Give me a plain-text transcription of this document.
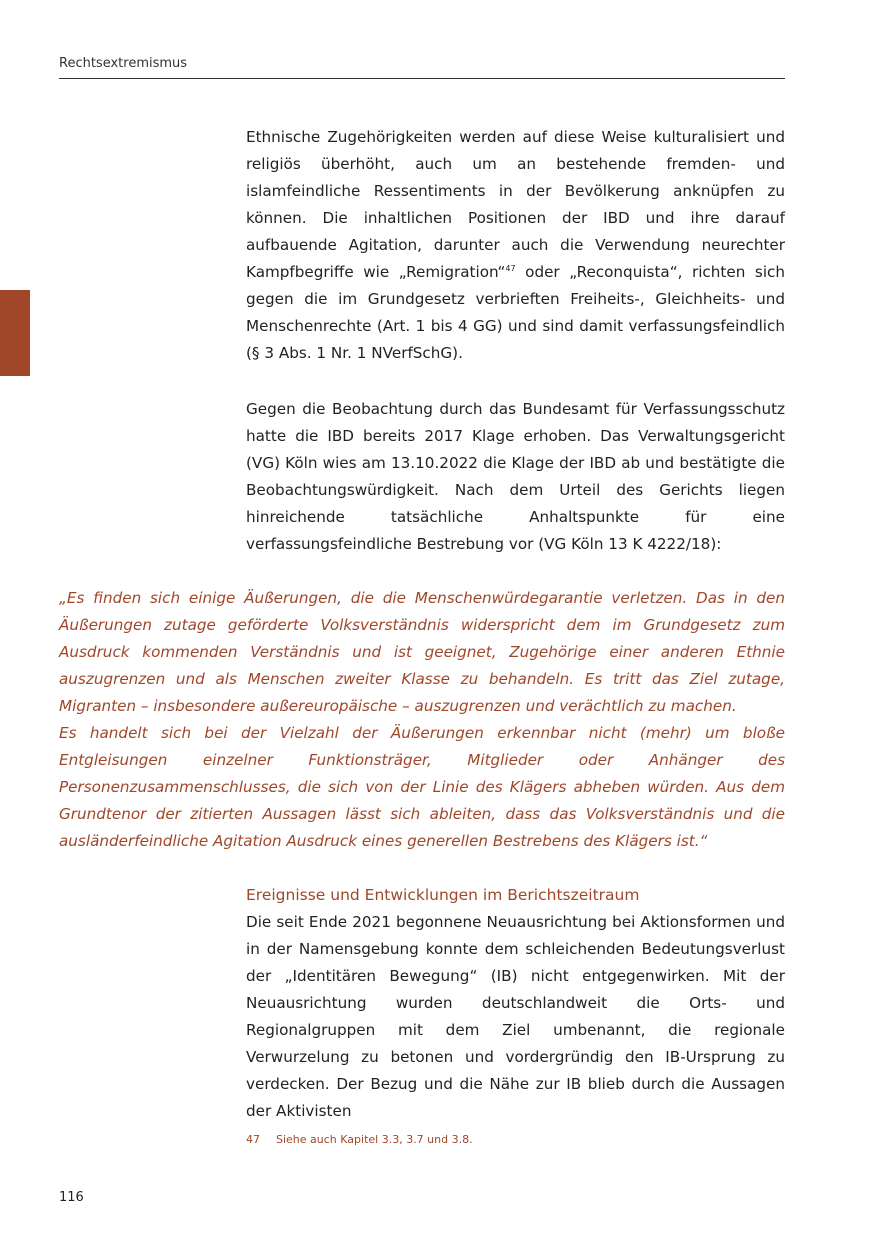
Rechtsextremismus

Ethnische Zugehörigkeiten werden auf diese Weise kulturalisiert und religiös überhöht, auch um an bestehende fremden- und islamfeindliche Ressentiments in der Bevölkerung anknüpfen zu können. Die inhaltlichen Positionen der IBD und ihre darauf aufbauende Agitation, darunter auch die Verwendung neurechter Kampfbegriffe wie „Remigration“$^{47}$ oder „Reconquista“, richten sich gegen die im Grundgesetz verbrieften Freiheits-, Gleichheits- und Menschenrechte (Art. 1 bis 4 GG) und sind damit verfassungsfeindlich (§ 3 Abs. 1 Nr. 1 NVerfSchG).

Gegen die Beobachtung durch das Bundesamt für Verfassungsschutz hatte die IBD bereits 2017 Klage erhoben. Das Verwaltungsgericht (VG) Köln wies am 13.10.2022 die Klage der IBD ab und bestätigte die Beobachtungswürdigkeit. Nach dem Urteil des Gerichts liegen hinreichende tatsächliche Anhaltspunkte für eine verfassungsfeindliche Bestrebung vor (VG Köln 13 K 4222/18):

„Es finden sich einige Äußerungen, die die Menschenwürdegarantie verletzen. Das in den Äußerungen zutage geförderte Volksverständnis widerspricht dem im Grundgesetz zum Ausdruck kommenden Verständnis und ist geeignet, Zugehörige einer anderen Ethnie auszugrenzen und als Menschen zweiter Klasse zu behandeln. Es tritt das Ziel zutage, Migranten – insbesondere außereuropäische – auszugrenzen und verächtlich zu machen.

Es handelt sich bei der Vielzahl der Äußerungen erkennbar nicht (mehr) um bloße Entgleisungen einzelner Funktionsträger, Mitglieder oder Anhänger des Personenzusammenschlusses, die sich von der Linie des Klägers abheben würden. Aus dem Grundtenor der zitierten Aussagen lässt sich ableiten, dass das Volksverständnis und die ausländerfeindliche Agitation Ausdruck eines generellen Bestrebens des Klägers ist.“

Ereignisse und Entwicklungen im Berichtszeitraum

Die seit Ende 2021 begonnene Neuausrichtung bei Aktionsformen und in der Namensgebung konnte dem schleichenden Bedeutungsverlust der „Identitären Bewegung“ (IB) nicht entgegenwirken. Mit der Neuausrichtung wurden deutschlandweit die Orts- und Regionalgruppen mit dem Ziel umbenannt, die regionale Verwurzelung zu betonen und vordergründig den IB-Ursprung zu verdecken. Der Bezug und die Nähe zur IB blieb durch die Aussagen der Aktivisten

47 Siehe auch Kapitel 3.3, 3.7 und 3.8.
116
